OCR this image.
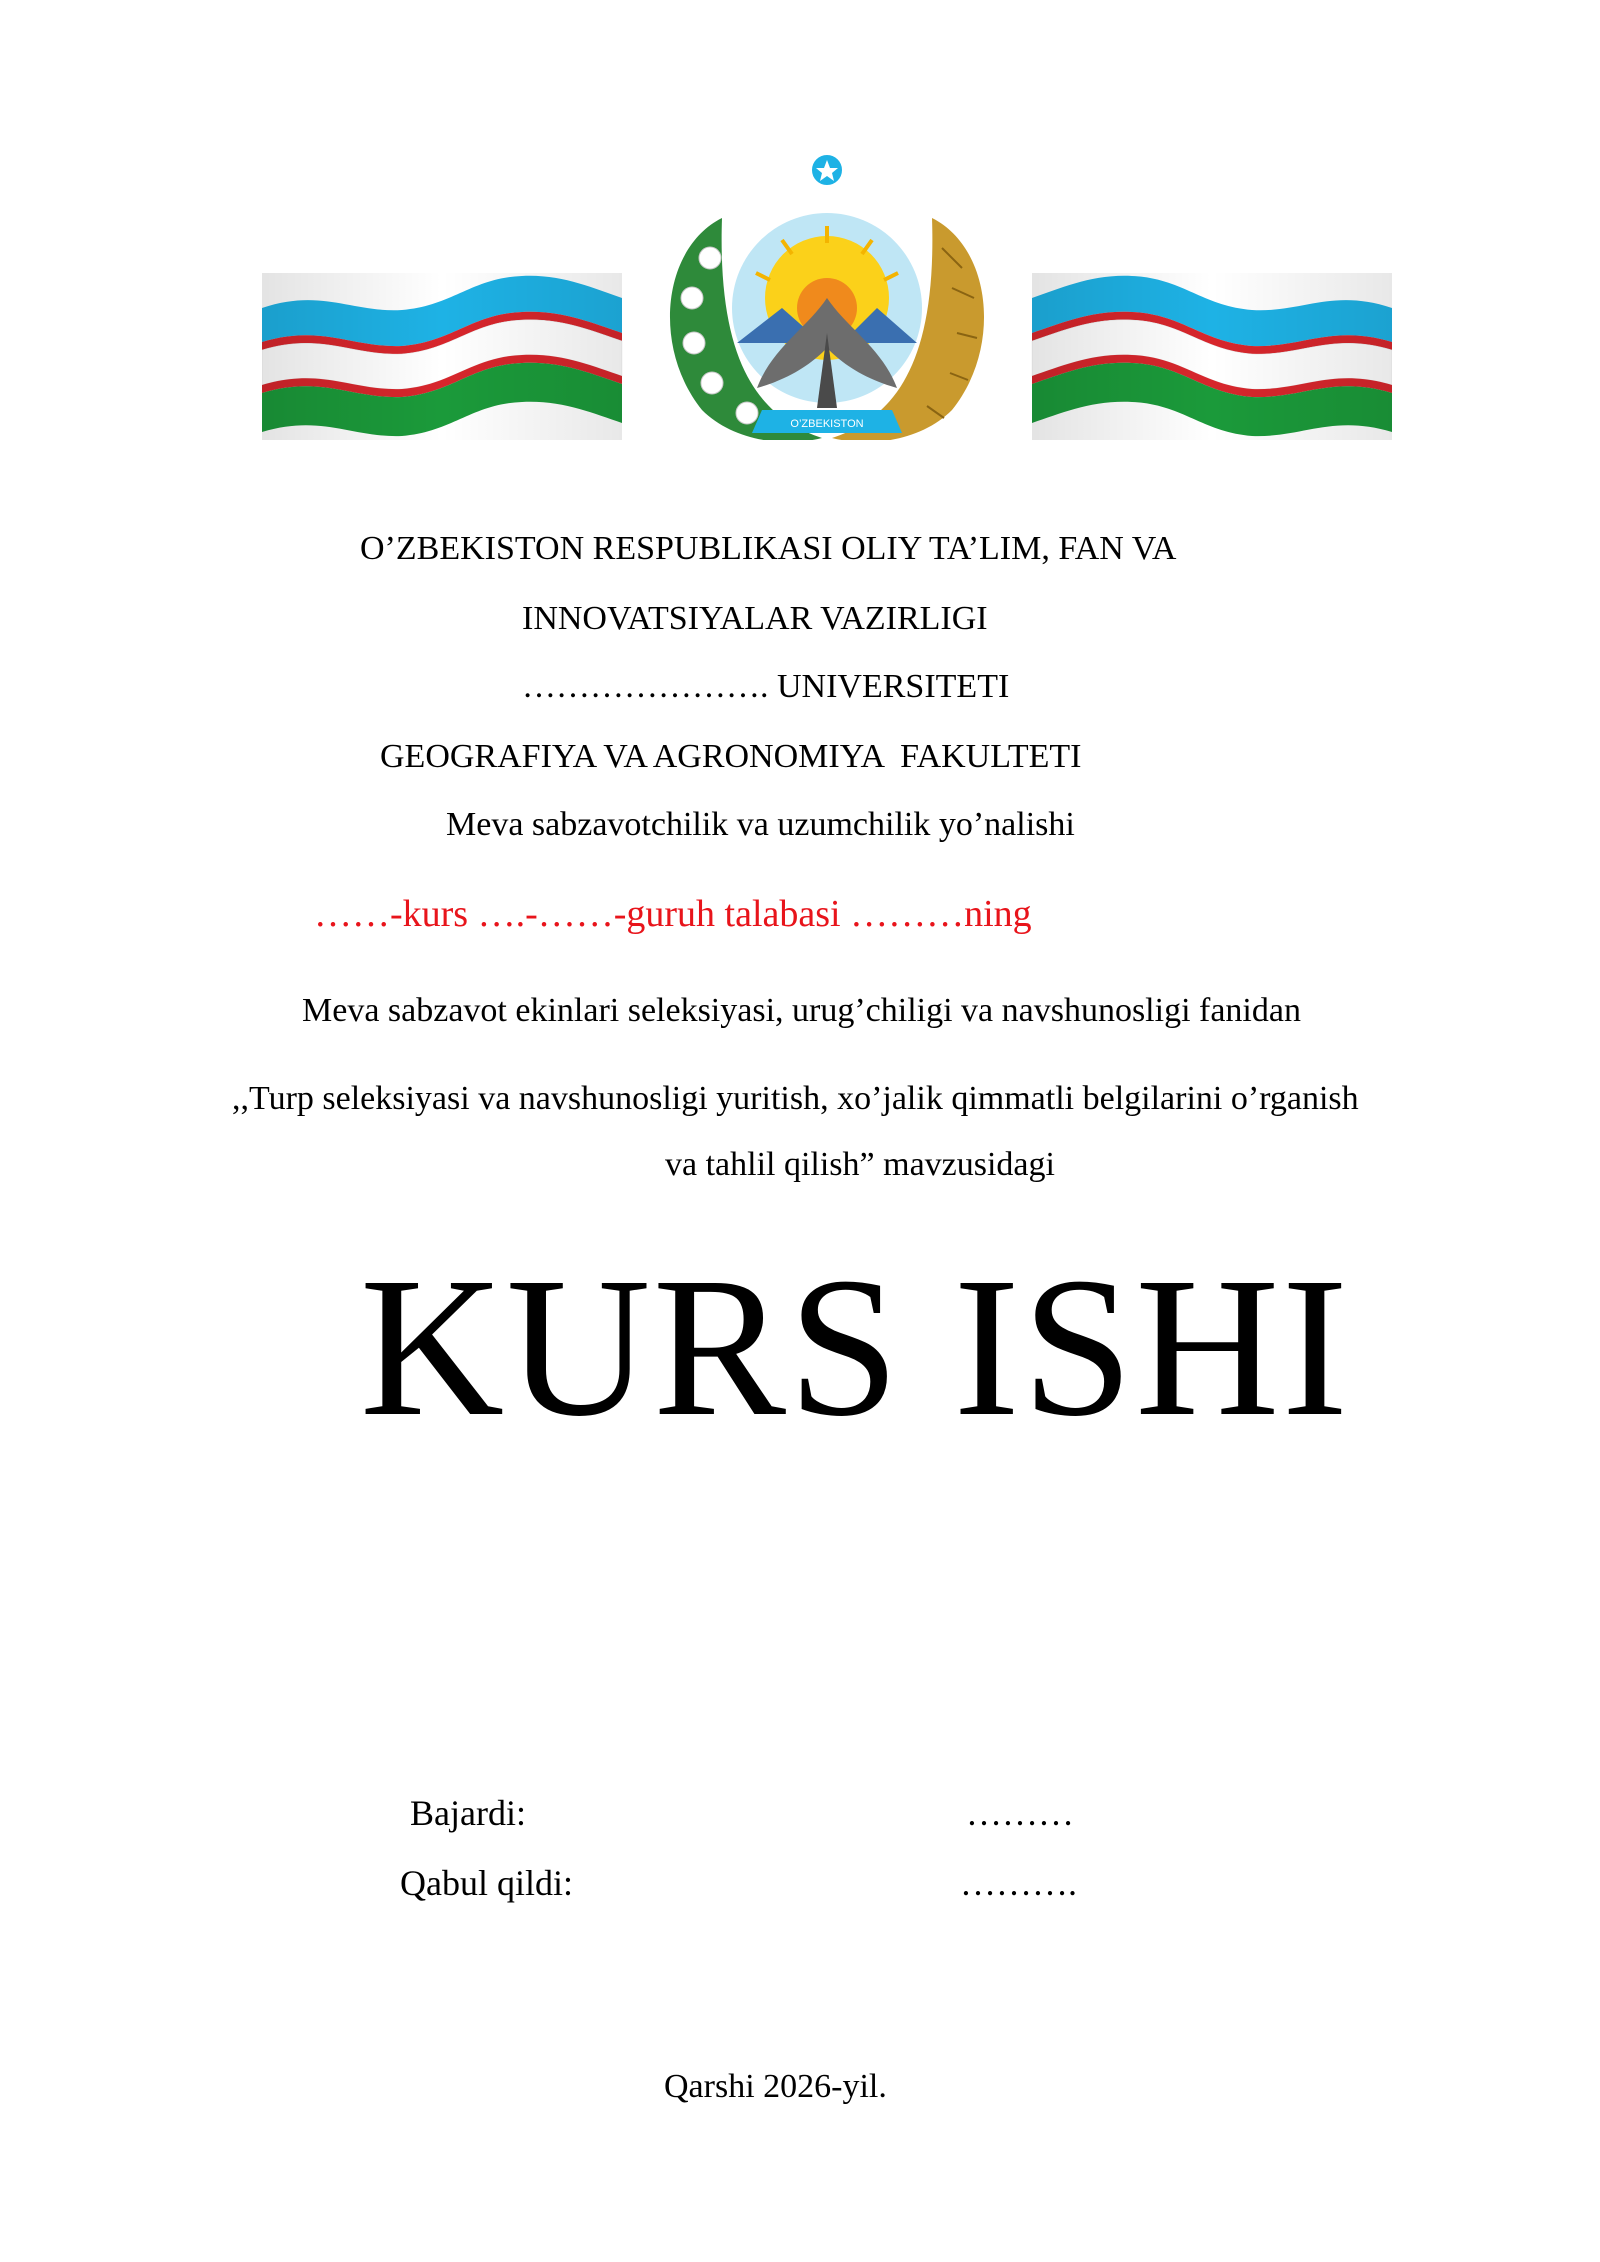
O’ZBEKISTON
O’ZBEKISTON RESPUBLIKASI OLIY TA’LIM, FAN VA
INNOVATSIYALAR VAZIRLIGI
…………………. UNIVERSITETI
GEOGRAFIYA VA AGRONOMIYA  FAKULTETI
Meva sabzavotchilik va uzumchilik yo’nalishi
……-kurs ….-……-guruh talabasi ………ning
Meva sabzavot ekinlari seleksiyasi, urug’chiligi va navshunosligi fanidan
,,Turp seleksiyasi va navshunosligi yuritish, xo’jalik qimmatli belgilarini o’rganish
va tahlil qilish” mavzusidagi
KURS ISHI
Bajardi:	………
Qabul qildi:	……….
Qarshi 2026-yil.
